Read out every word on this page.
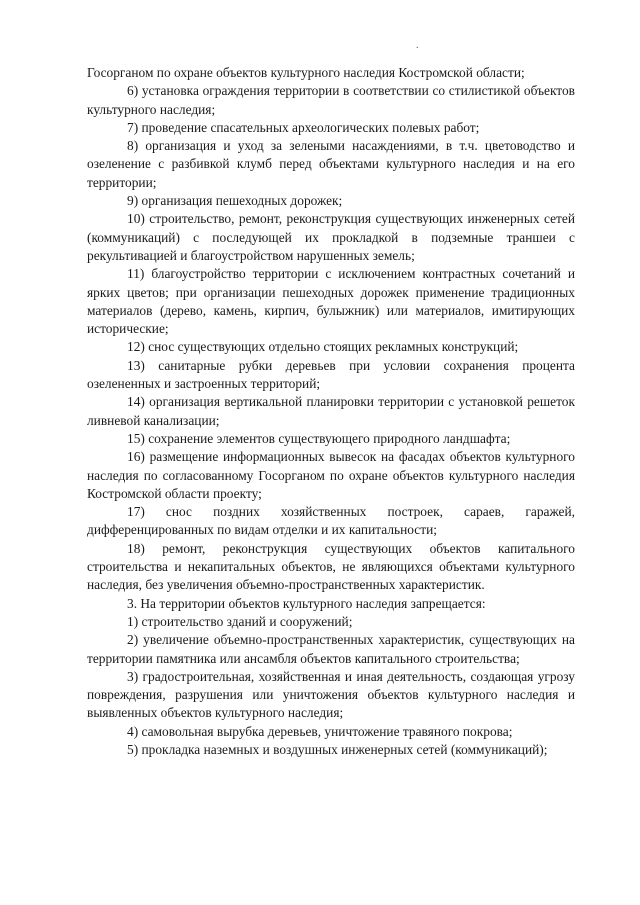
.

Госорганом по охране объектов культурного наследия Костромской области;

6) установка ограждения территории в соответствии со стилистикой объектов культурного наследия;

7) проведение спасательных археологических полевых работ;

8) организация и уход за зелеными насаждениями, в т.ч. цветоводство и озеленение с разбивкой клумб перед объектами культурного наследия и на его территории;

9) организация пешеходных дорожек;

10) строительство, ремонт, реконструкция существующих инженерных сетей (коммуникаций) с последующей их прокладкой в подземные траншеи с рекультивацией и благоустройством нарушенных земель;

11) благоустройство территории с исключением контрастных сочетаний и ярких цветов; при организации пешеходных дорожек применение традиционных материалов (дерево, камень, кирпич, булыжник) или материалов, имитирующих исторические;

12) снос существующих отдельно стоящих рекламных конструкций;

13) санитарные рубки деревьев при условии сохранения процента озелененных и застроенных территорий;

14) организация вертикальной планировки территории с установкой решеток ливневой канализации;

15) сохранение элементов существующего природного ландшафта;

16) размещение информационных вывесок на фасадах объектов культурного наследия по согласованному Госорганом по охране объектов культурного наследия Костромской области проекту;

17) снос поздних хозяйственных построек, сараев, гаражей, дифференцированных по видам отделки и их капитальности;

18) ремонт, реконструкция существующих объектов капитального строительства и некапитальных объектов, не являющихся объектами культурного наследия, без увеличения объемно-пространственных характеристик.

3. На территории объектов культурного наследия запрещается:

1) строительство зданий и сооружений;

2) увеличение объемно-пространственных характеристик, существующих на территории памятника или ансамбля объектов капитального строительства;

3) градостроительная, хозяйственная и иная деятельность, создающая угрозу повреждения, разрушения или уничтожения объектов культурного наследия и выявленных объектов культурного наследия;

4) самовольная вырубка деревьев, уничтожение травяного покрова;

5) прокладка наземных и воздушных инженерных сетей (коммуникаций);
